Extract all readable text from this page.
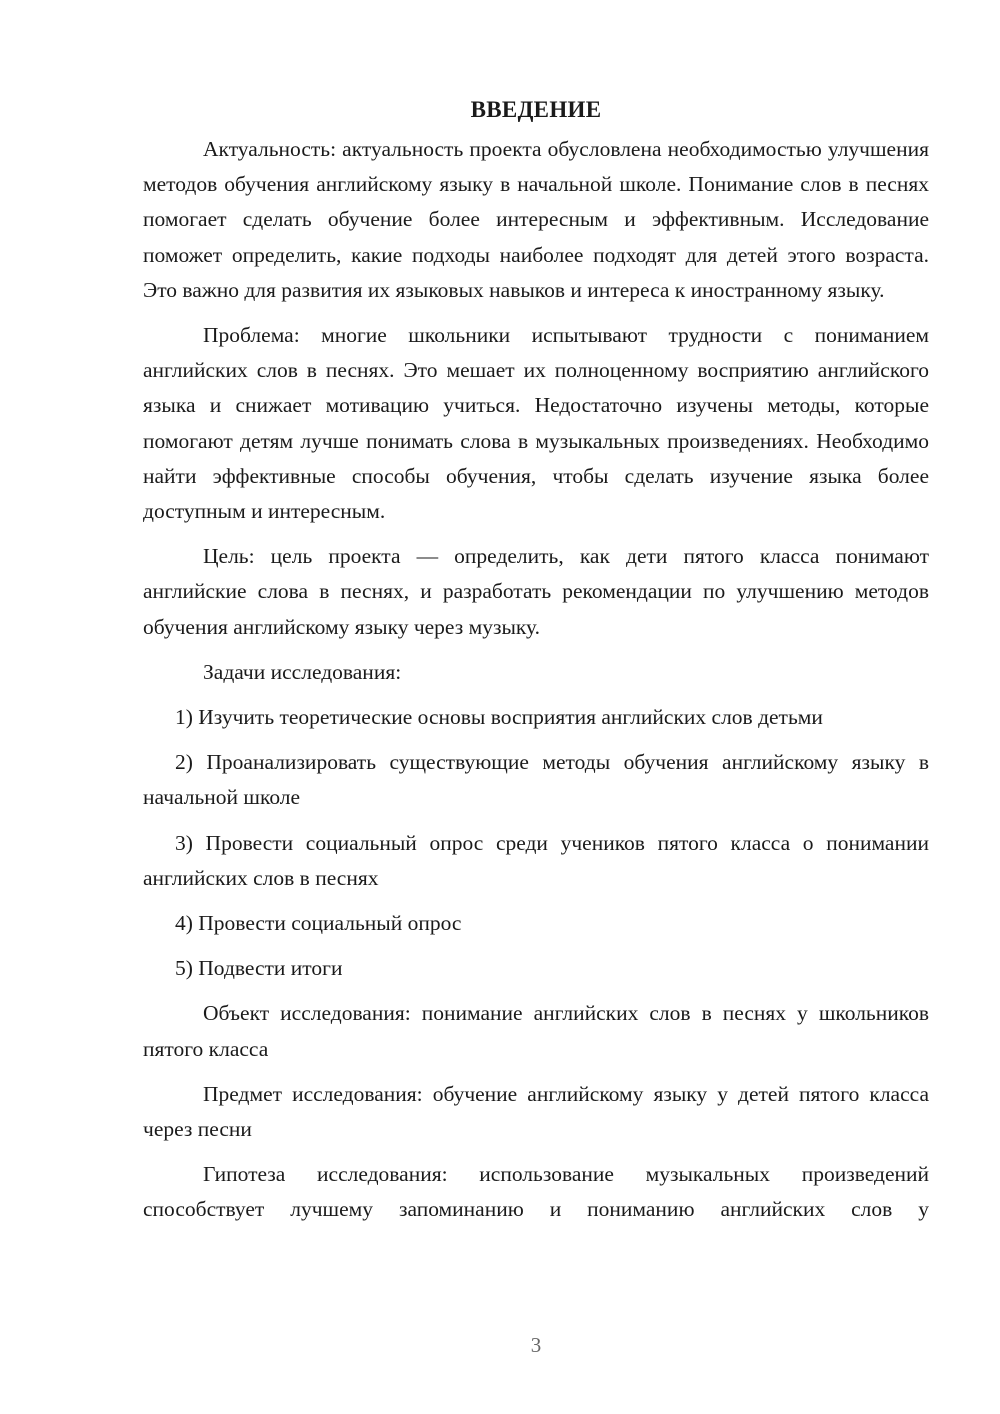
ВВЕДЕНИЕ

Актуальность: актуальность проекта обусловлена необходимостью улучшения методов обучения английскому языку в начальной школе. Понимание слов в песнях помогает сделать обучение более интересным и эффективным. Исследование поможет определить, какие подходы наиболее подходят для детей этого возраста. Это важно для развития их языковых навыков и интереса к иностранному языку.

Проблема: многие школьники испытывают трудности с пониманием английских слов в песнях. Это мешает их полноценному восприятию английского языка и снижает мотивацию учиться. Недостаточно изучены методы, которые помогают детям лучше понимать слова в музыкальных произведениях. Необходимо найти эффективные способы обучения, чтобы сделать изучение языка более доступным и интересным.

Цель: цель проекта — определить, как дети пятого класса понимают английские слова в песнях, и разработать рекомендации по улучшению методов обучения английскому языку через музыку.

Задачи исследования:

1) Изучить теоретические основы восприятия английских слов детьми

2) Проанализировать существующие методы обучения английскому языку в начальной школе

3) Провести социальный опрос среди учеников пятого класса о понимании английских слов в песнях

4) Провести социальный опрос

5) Подвести итоги

Объект исследования: понимание английских слов в песнях у школьников пятого класса

Предмет исследования: обучение английскому языку у детей пятого класса через песни

Гипотеза исследования: использование музыкальных произведений способствует лучшему запоминанию и пониманию английских слов у

3
